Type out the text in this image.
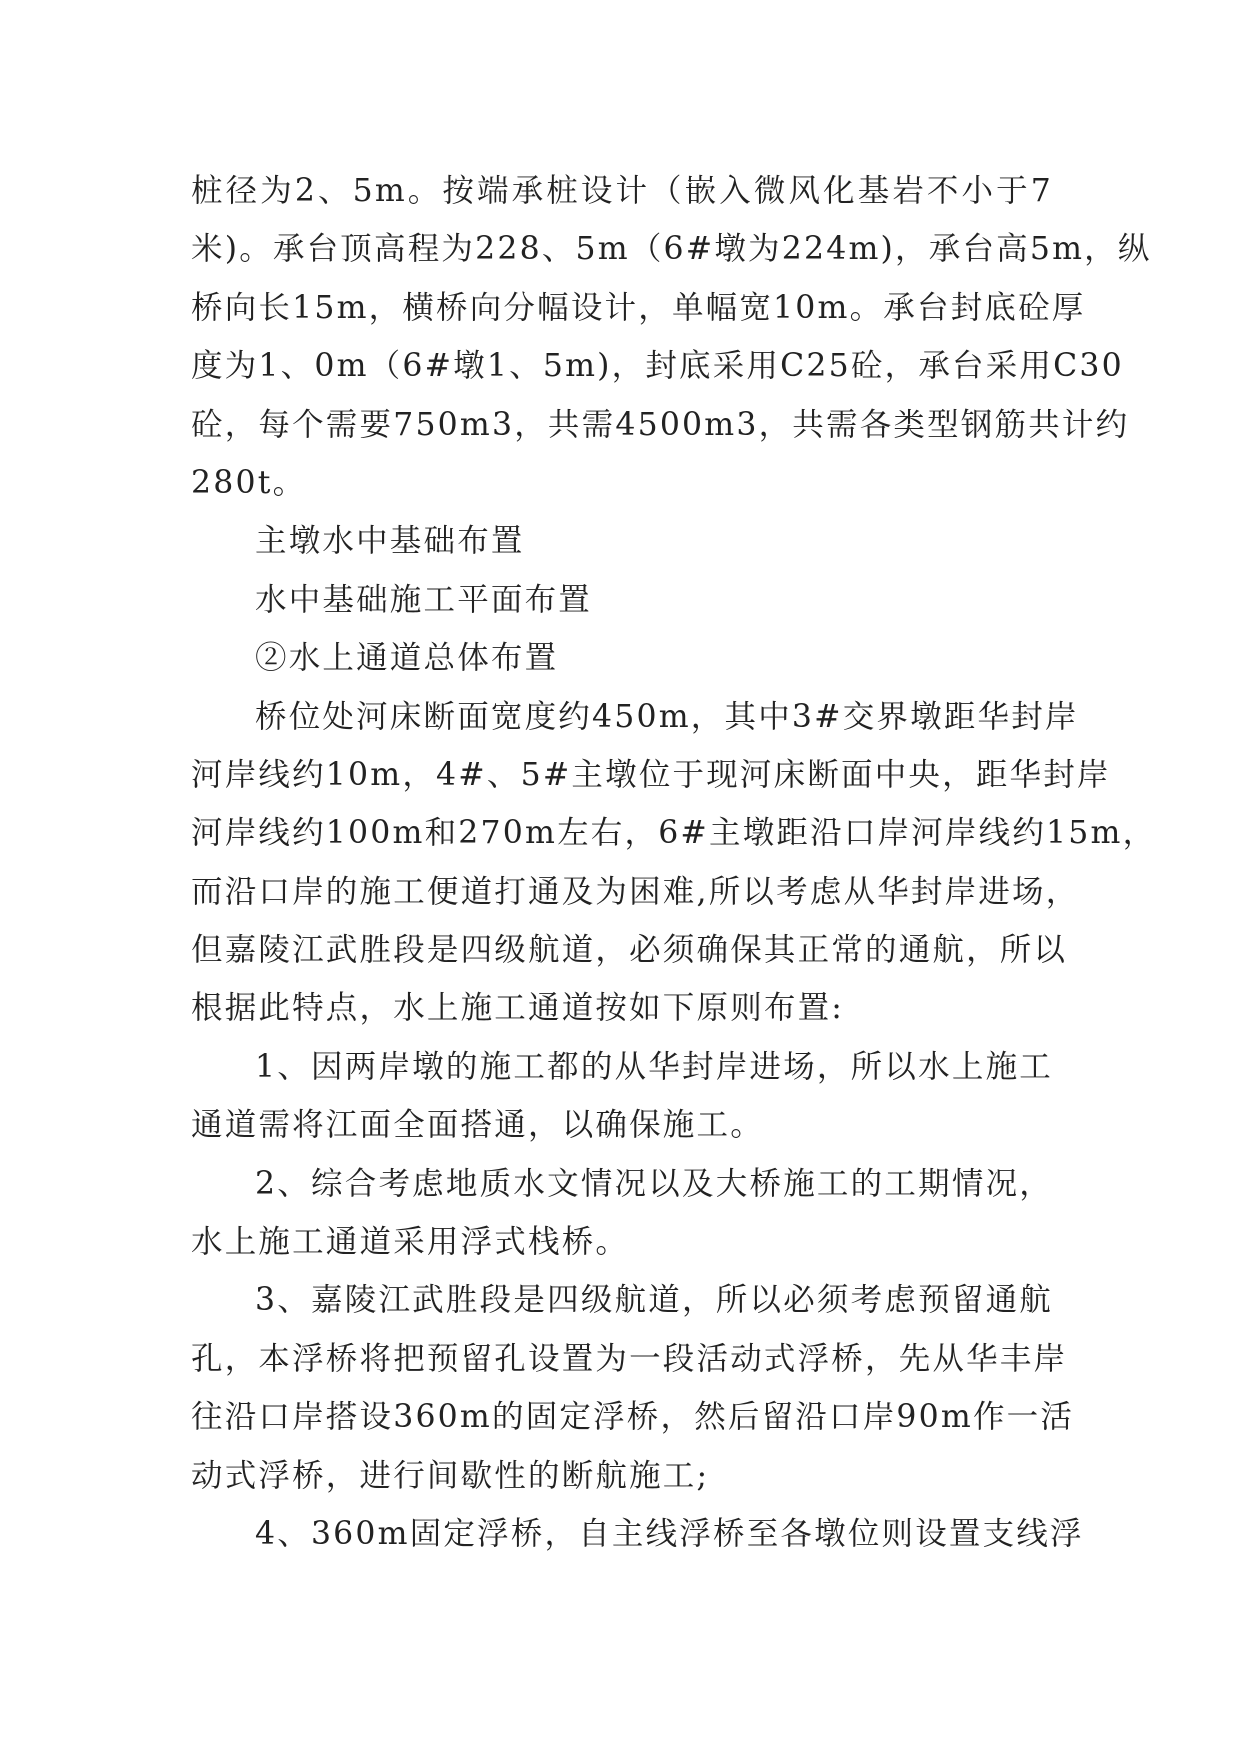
桩径为2、5m。按端承桩设计（嵌入微风化基岩不小于7
米)。承台顶高程为228、5m（6#墩为224m)，承台高5m，纵
桥向长15m，横桥向分幅设计，单幅宽10m。承台封底砼厚
度为1、0m（6#墩1、5m)，封底采用C25砼，承台采用C30
砼，每个需要750m3，共需4500m3，共需各类型钢筋共计约
280t。
主墩水中基础布置
水中基础施工平面布置
②水上通道总体布置
桥位处河床断面宽度约450m，其中3#交界墩距华封岸
河岸线约10m，4#、5#主墩位于现河床断面中央，距华封岸
河岸线约100m和270m左右，6#主墩距沿口岸河岸线约15m，
而沿口岸的施工便道打通及为困难,所以考虑从华封岸进场，
但嘉陵江武胜段是四级航道，必须确保其正常的通航，所以
根据此特点，水上施工通道按如下原则布置:
1、因两岸墩的施工都的从华封岸进场，所以水上施工
通道需将江面全面搭通，以确保施工。
2、综合考虑地质水文情况以及大桥施工的工期情况，
水上施工通道采用浮式栈桥。
3、嘉陵江武胜段是四级航道，所以必须考虑预留通航
孔，本浮桥将把预留孔设置为一段活动式浮桥，先从华丰岸
往沿口岸搭设360m的固定浮桥，然后留沿口岸90m作一活
动式浮桥，进行间歇性的断航施工;
4、360m固定浮桥，自主线浮桥至各墩位则设置支线浮
